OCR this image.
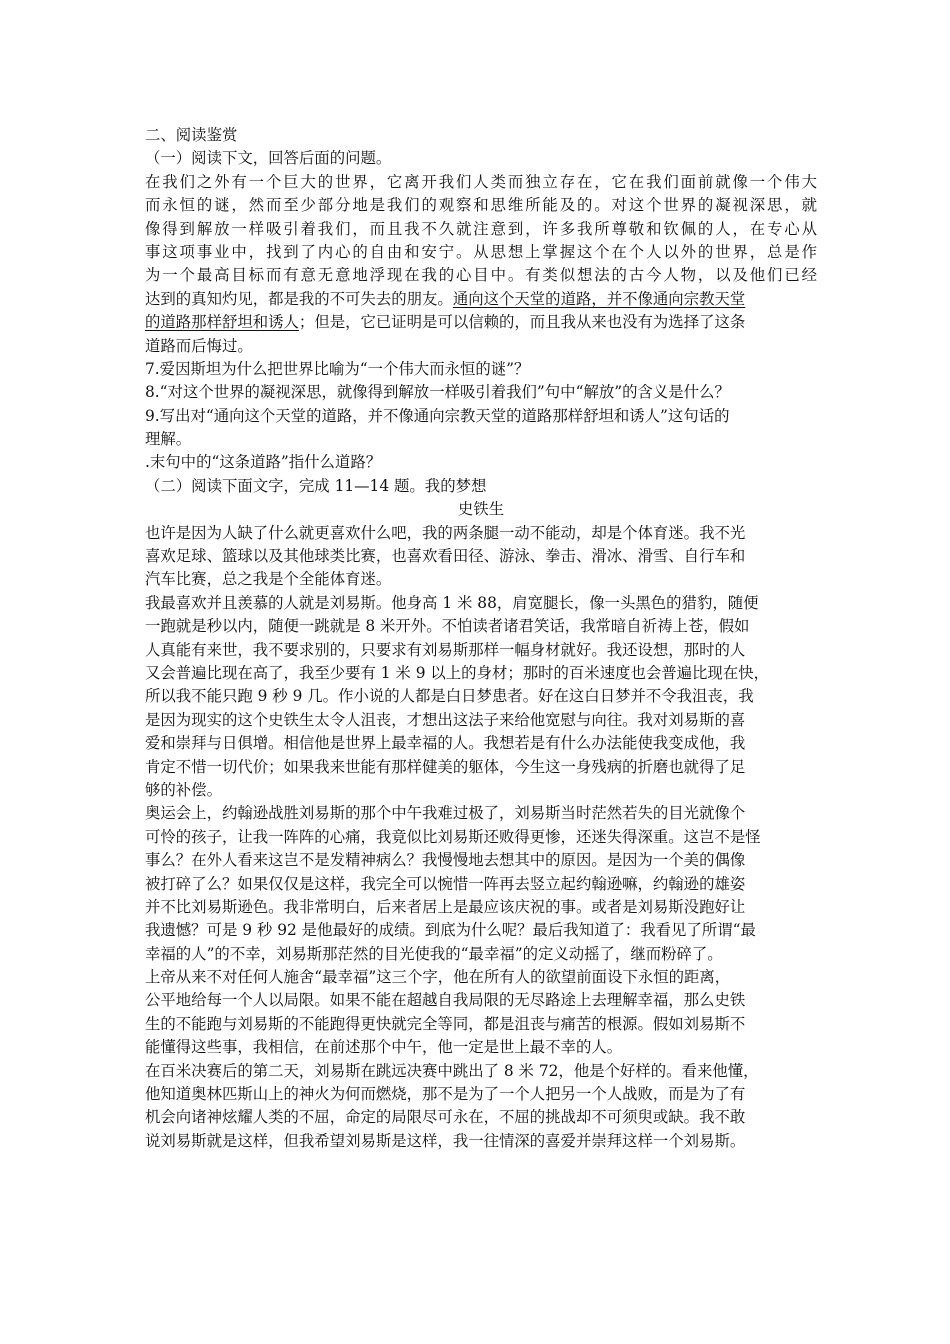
二、阅读鉴赏
（一）阅读下文，回答后面的问题。
在我们之外有一个巨大的世界，它离开我们人类而独立存在，它在我们面前就像一个伟大
而永恒的谜，然而至少部分地是我们的观察和思维所能及的。对这个世界的凝视深思，就
像得到解放一样吸引着我们，而且我不久就注意到，许多我所尊敬和钦佩的人，在专心从
事这项事业中，找到了内心的自由和安宁。从思想上掌握这个在个人以外的世界，总是作
为一个最高目标而有意无意地浮现在我的心目中。有类似想法的古今人物，以及他们已经
达到的真知灼见，都是我的不可失去的朋友。通向这个天堂的道路，并不像通向宗教天堂
的道路那样舒坦和诱人；但是，它已证明是可以信赖的，而且我从来也没有为选择了这条
道路而后悔过。
7.爱因斯坦为什么把世界比喻为“一个伟大而永恒的谜”？
8.“对这个世界的凝视深思，就像得到解放一样吸引着我们”句中“解放”的含义是什么？
9.写出对“通向这个天堂的道路，并不像通向宗教天堂的道路那样舒坦和诱人”这句话的
理解。
.末句中的“这条道路”指什么道路？
（二）阅读下面文字，完成 11—14 题。我的梦想
史铁生
也许是因为人缺了什么就更喜欢什么吧，我的两条腿一动不能动，却是个体育迷。我不光
喜欢足球、篮球以及其他球类比赛，也喜欢看田径、游泳、拳击、滑冰、滑雪、自行车和
汽车比赛，总之我是个全能体育迷。
我最喜欢并且羡慕的人就是刘易斯。他身高 1 米 88，肩宽腿长，像一头黑色的猎豹，随便
一跑就是秒以内，随便一跳就是 8 米开外。不怕读者诸君笑话，我常暗自祈祷上苍，假如
人真能有来世，我不要求别的，只要求有刘易斯那样一幅身材就好。我还设想，那时的人
又会普遍比现在高了，我至少要有 1 米 9 以上的身材；那时的百米速度也会普遍比现在快，
所以我不能只跑 9 秒 9 几。作小说的人都是白日梦患者。好在这白日梦并不令我沮丧，我
是因为现实的这个史铁生太令人沮丧，才想出这法子来给他宽慰与向往。我对刘易斯的喜
爱和崇拜与日俱增。相信他是世界上最幸福的人。我想若是有什么办法能使我变成他，我
肯定不惜一切代价；如果我来世能有那样健美的躯体，今生这一身残病的折磨也就得了足
够的补偿。
奥运会上，约翰逊战胜刘易斯的那个中午我难过极了，刘易斯当时茫然若失的目光就像个
可怜的孩子，让我一阵阵的心痛，我竟似比刘易斯还败得更惨，还迷失得深重。这岂不是怪
事么？在外人看来这岂不是发精神病么？我慢慢地去想其中的原因。是因为一个美的偶像
被打碎了么？如果仅仅是这样，我完全可以惋惜一阵再去竖立起约翰逊嘛，约翰逊的雄姿
并不比刘易斯逊色。我非常明白，后来者居上是最应该庆祝的事。或者是刘易斯没跑好让
我遗憾？可是 9 秒 92 是他最好的成绩。到底为什么呢？最后我知道了：我看见了所谓“最
幸福的人”的不幸，刘易斯那茫然的目光使我的“最幸福”的定义动摇了，继而粉碎了。
上帝从来不对任何人施舍“最幸福”这三个字，他在所有人的欲望前面设下永恒的距离，
公平地给每一个人以局限。如果不能在超越自我局限的无尽路途上去理解幸福，那么史铁
生的不能跑与刘易斯的不能跑得更快就完全等同，都是沮丧与痛苦的根源。假如刘易斯不
能懂得这些事，我相信，在前述那个中午，他一定是世上最不幸的人。
在百米决赛后的第二天，刘易斯在跳远决赛中跳出了 8 米 72，他是个好样的。看来他懂，
他知道奥林匹斯山上的神火为何而燃烧，那不是为了一个人把另一个人战败，而是为了有
机会向诸神炫耀人类的不屈，命定的局限尽可永在，不屈的挑战却不可须臾或缺。我不敢
说刘易斯就是这样，但我希望刘易斯是这样，我一往情深的喜爱并崇拜这样一个刘易斯。
